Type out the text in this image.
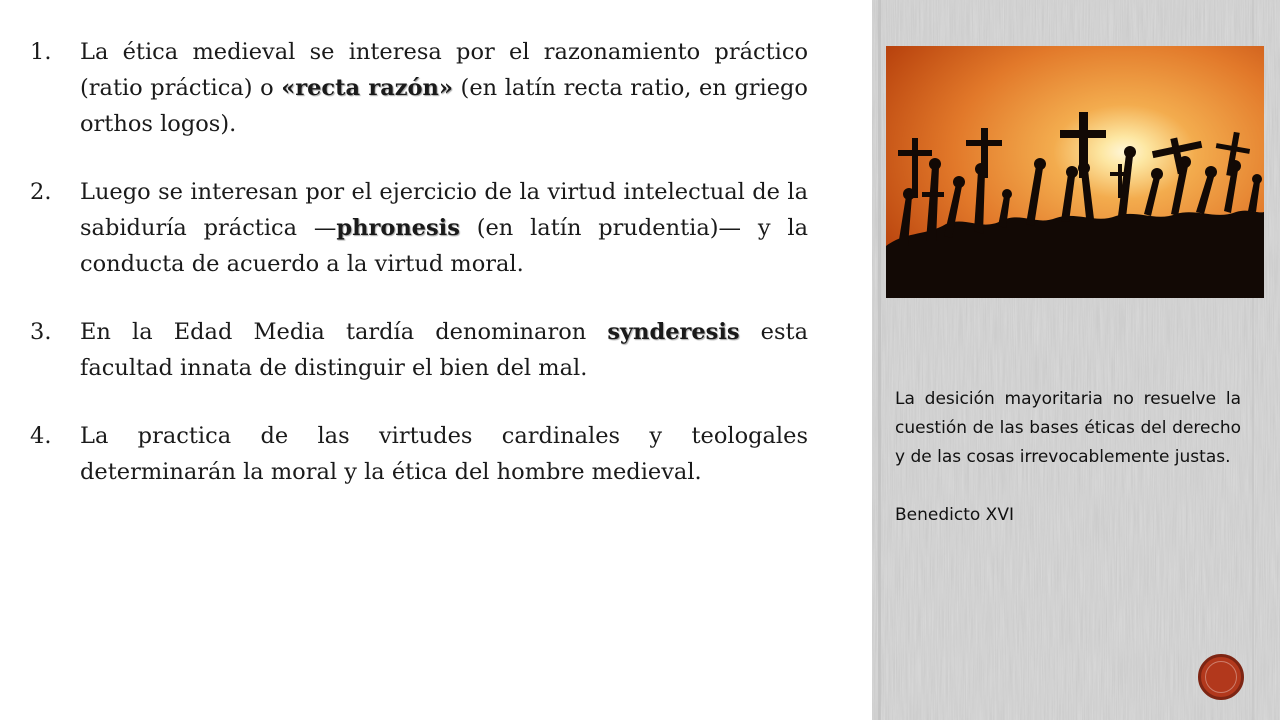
1. La ética medieval se interesa por el razonamiento práctico (ratio práctica) o «recta razón» (en latín recta ratio, en griego orthos logos).
2. Luego se interesan por el ejercicio de la virtud intelectual de la sabiduría práctica —phronesis (en latín prudentia)— y la conducta de acuerdo a la virtud moral.
3. En la Edad Media tardía denominaron synderesis esta facultad innata de distinguir el bien del mal.
4. La practica de las virtudes cardinales y teologales determinarán la moral y la ética del hombre medieval.

La desición mayoritaria no resuelve la cuestión de las bases éticas del derecho y de las cosas irrevocablemente justas.

Benedicto XVI
